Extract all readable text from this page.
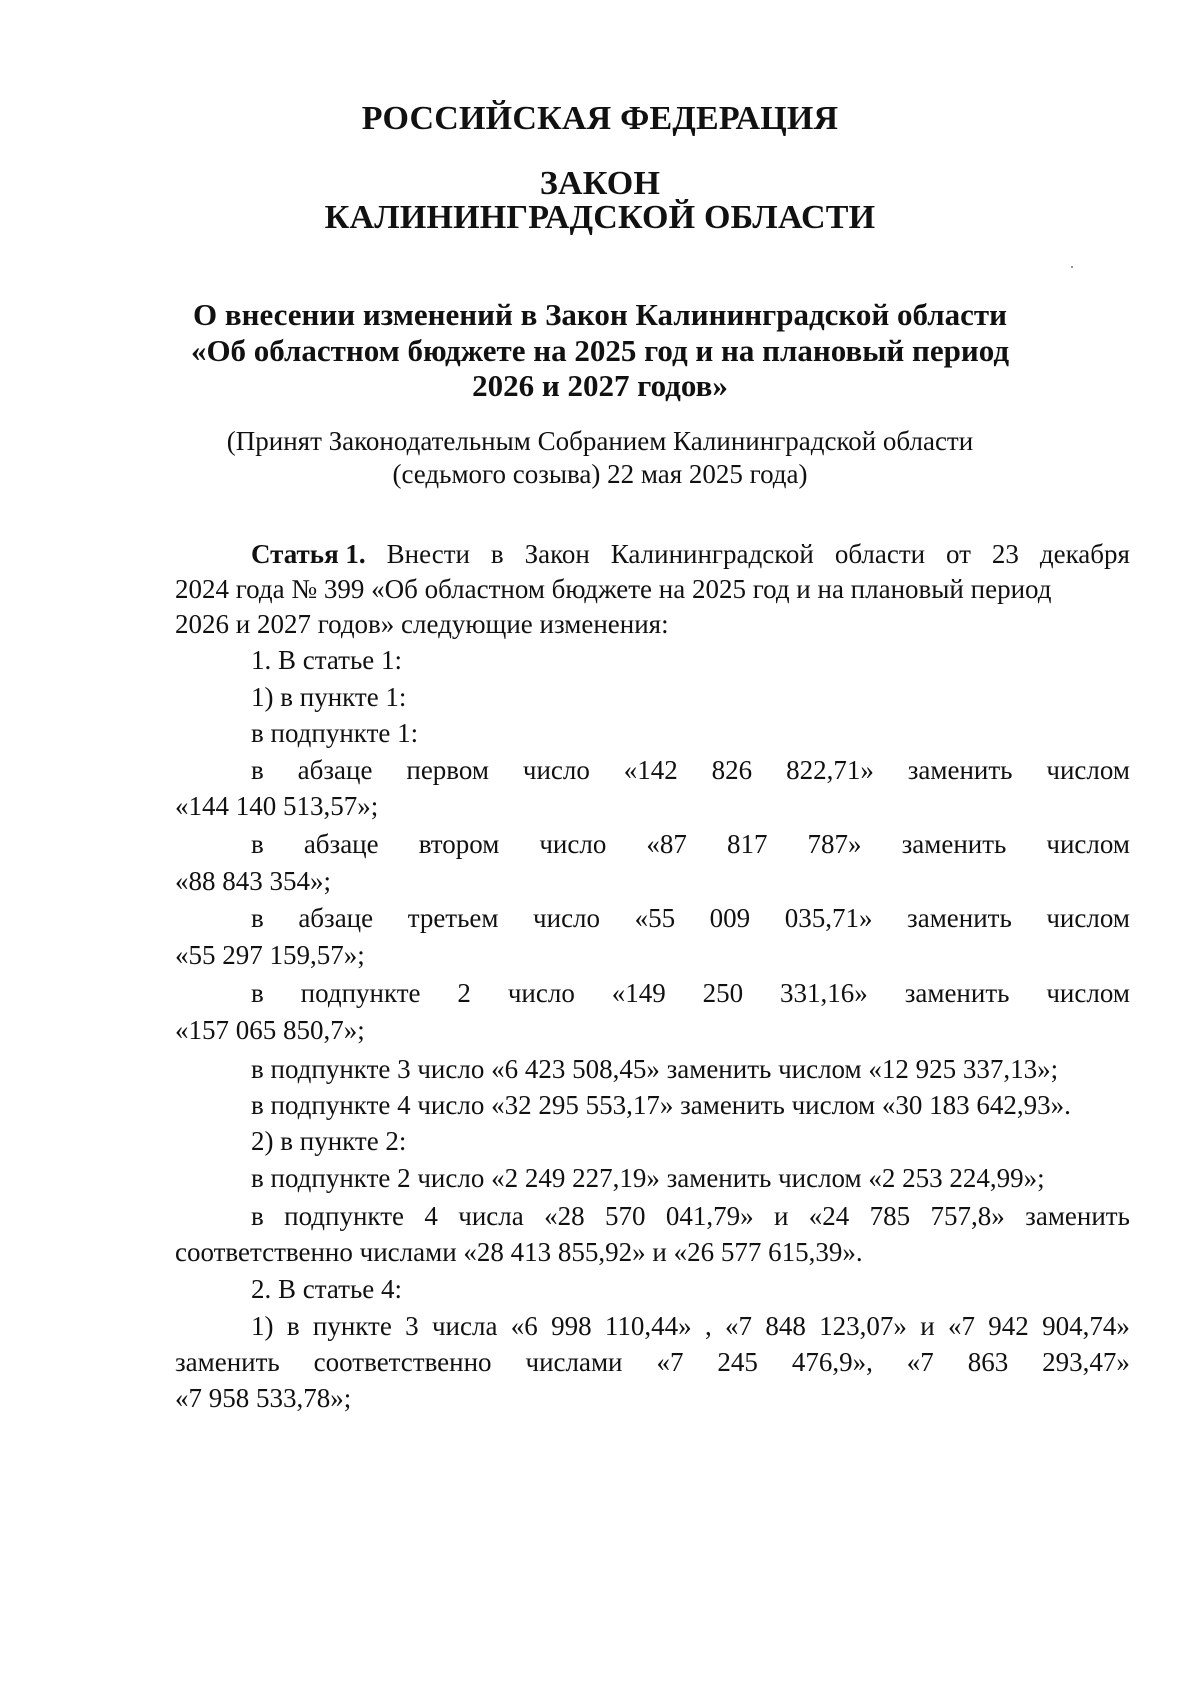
РОССИЙСКАЯ ФЕДЕРАЦИЯ
ЗАКОН
КАЛИНИНГРАДСКОЙ ОБЛАСТИ
О внесении изменений в Закон Калининградской области
«Об областном бюджете на 2025 год и на плановый период
2026 и 2027 годов»
(Принят Законодательным Собранием Калининградской области
(седьмого созыва) 22 мая 2025 года)
Статья 1. Внести в Закон Калининградской области от 23 декабря
2024 года № 399 «Об областном бюджете на 2025 год и на плановый период
2026 и 2027 годов» следующие изменения:
1. В статье 1:
1) в пункте 1:
в подпункте 1:
в абзаце первом число «142 826 822,71» заменить числом
«144 140 513,57»;
в абзаце втором число «87 817 787» заменить числом
«88 843 354»;
в абзаце третьем число «55 009 035,71» заменить числом
«55 297 159,57»;
в подпункте 2 число «149 250 331,16» заменить числом
«157 065 850,7»;
в подпункте 3 число «6 423 508,45» заменить числом «12 925 337,13»;
в подпункте 4 число «32 295 553,17» заменить числом «30 183 642,93».
2) в пункте 2:
в подпункте 2 число «2 249 227,19» заменить числом «2 253 224,99»;
в подпункте 4 числа «28 570 041,79» и «24 785 757,8» заменить
соответственно числами «28 413 855,92» и «26 577 615,39».
2. В статье 4:
1) в пункте 3 числа «6 998 110,44» , «7 848 123,07» и «7 942 904,74»
заменить соответственно числами «7 245 476,9», «7 863 293,47»
«7 958 533,78»;
